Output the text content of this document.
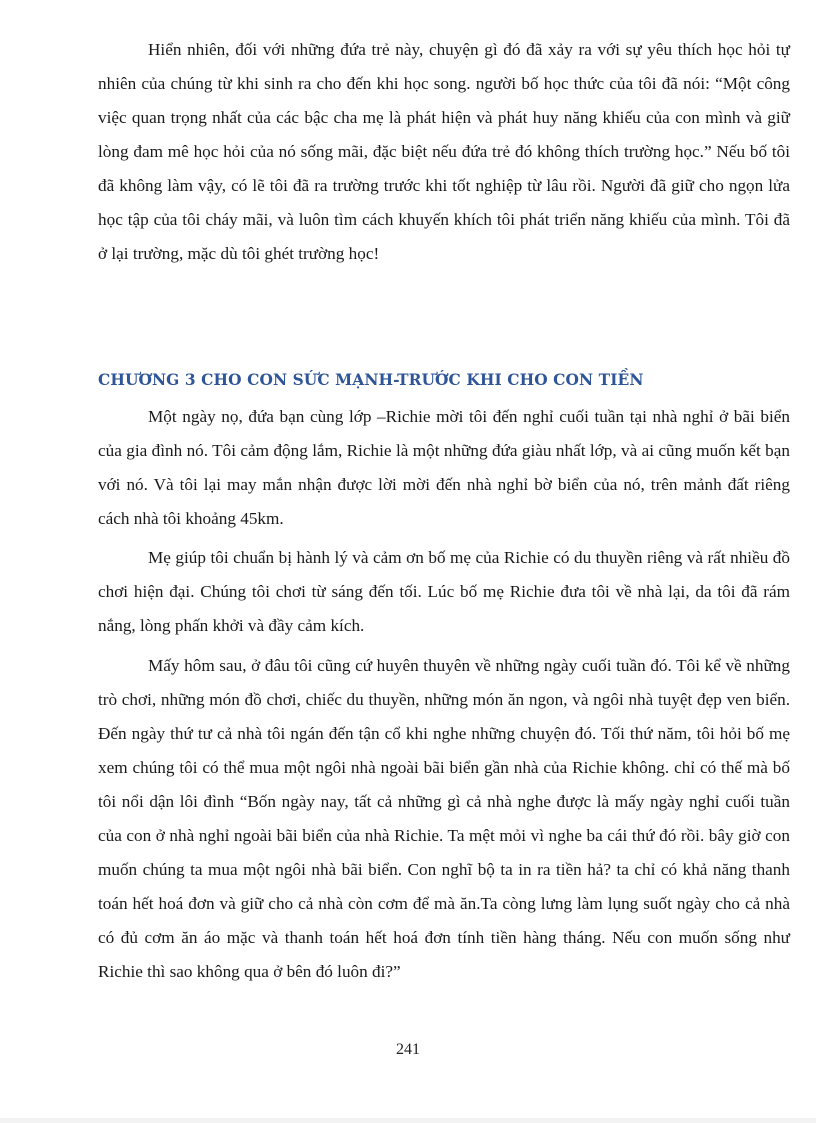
Hiển nhiên, đối với những đứa trẻ này, chuyện gì đó đã xảy ra với sự yêu thích học hỏi tự nhiên của chúng từ khi sinh ra cho đến khi học song. người bố học thức của tôi đã nói: “Một công việc quan trọng nhất của các bậc cha mẹ là phát hiện và phát huy năng khiếu của con mình và giữ lòng đam mê học hỏi của nó sống mãi, đặc biệt nếu đứa trẻ đó không thích trường học.” Nếu bố tôi đã không làm vậy, có lẽ tôi đã ra trường trước khi tốt nghiệp từ lâu rồi. Người đã giữ cho ngọn lửa học tập của tôi cháy mãi, và luôn tìm cách khuyến khích tôi phát triển năng khiếu của mình. Tôi đã ở lại trường, mặc dù tôi ghét trường học!

CHƯƠNG 3 CHO CON SỨC MẠNH-TRƯỚC KHI CHO CON TIỀN

Một ngày nọ, đứa bạn cùng lớp –Richie mời tôi đến nghỉ cuối tuần tại nhà nghỉ ở bãi biển của gia đình nó. Tôi cảm động lắm, Richie là một những đứa giàu nhất lớp, và ai cũng muốn kết bạn với nó. Và tôi lại may mắn nhận được lời mời đến nhà nghỉ bờ biển của nó, trên mảnh đất riêng cách nhà tôi khoảng 45km.

Mẹ giúp tôi chuẩn bị hành lý và cảm ơn bố mẹ của Richie có du thuyền riêng và rất nhiều đồ chơi hiện đại. Chúng tôi chơi từ sáng đến tối. Lúc bố mẹ Richie đưa tôi về nhà lại, da tôi đã rám nắng, lòng phấn khởi và đầy cảm kích.

Mấy hôm sau, ở đâu tôi cũng cứ huyên thuyên về những ngày cuối tuần đó. Tôi kể về những trò chơi, những món đồ chơi, chiếc du thuyền, những món ăn ngon, và ngôi nhà tuyệt đẹp ven biển. Đến ngày thứ tư cả nhà tôi ngán đến tận cổ khi nghe những chuyện đó. Tối thứ năm, tôi hỏi bố mẹ xem chúng tôi có thể mua một ngôi nhà ngoài bãi biển gần nhà của Richie không. chỉ có thế mà bố tôi nổi dận lôi đình “Bốn ngày nay, tất cả những gì cả nhà nghe được là mấy ngày nghỉ cuối tuần của con ở nhà nghỉ ngoài bãi biển của nhà Richie. Ta mệt mỏi vì nghe ba cái thứ đó rồi. bây giờ con muốn chúng ta mua một ngôi nhà bãi biển. Con nghĩ bộ ta in ra tiền hả? ta chỉ có khả năng thanh toán hết hoá đơn và giữ cho cả nhà còn cơm để mà ăn.Ta còng lưng làm lụng suốt ngày cho cả nhà có đủ cơm ăn áo mặc và thanh toán hết hoá đơn tính tiền hàng tháng. Nếu con muốn sống như Richie thì sao không qua ở bên đó luôn đi?”

241
